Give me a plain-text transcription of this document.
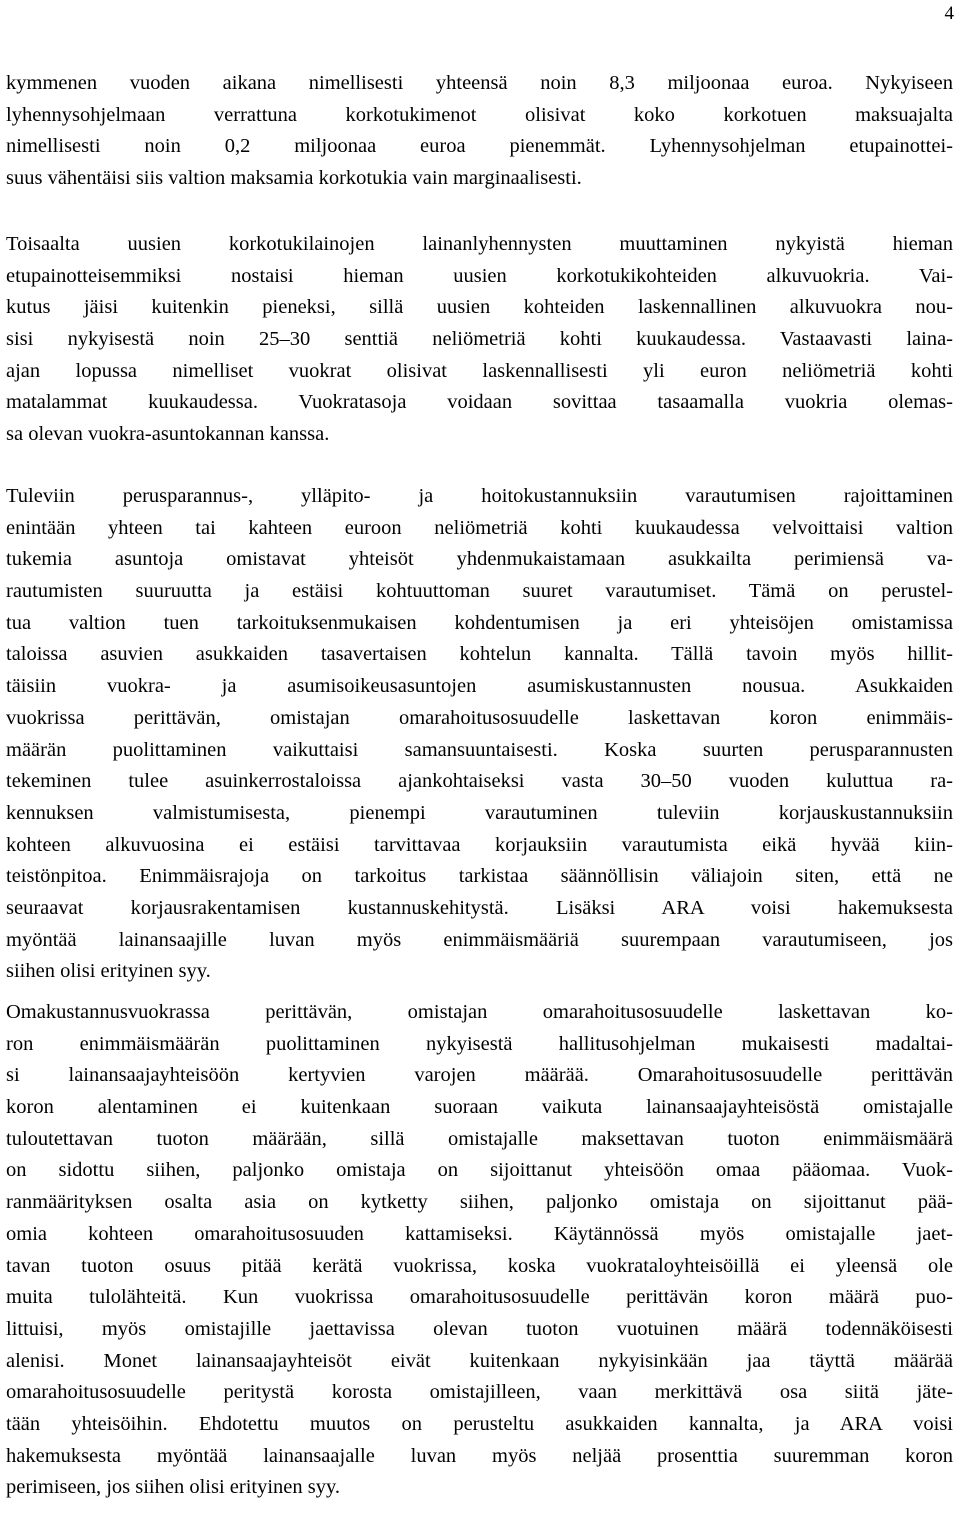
4
kymmenen vuoden aikana nimellisesti yhteensä noin 8,3 miljoonaa euroa. Nykyiseen
lyhennysohjelmaan verrattuna korkotukimenot olisivat koko korkotuen maksuajalta
nimellisesti noin 0,2 miljoonaa euroa pienemmät. Lyhennysohjelman etupainottei-
suus vähentäisi siis valtion maksamia korkotukia vain marginaalisesti.
Toisaalta uusien korkotukilainojen lainanlyhennysten muuttaminen nykyistä hieman
etupainotteisemmiksi nostaisi hieman uusien korkotukikohteiden alkuvuokria. Vai-
kutus jäisi kuitenkin pieneksi, sillä uusien kohteiden laskennallinen alkuvuokra nou-
sisi nykyisestä noin 25–30 senttiä neliömetriä kohti kuukaudessa. Vastaavasti laina-
ajan lopussa nimelliset vuokrat olisivat laskennallisesti yli euron neliömetriä kohti
matalammat kuukaudessa. Vuokratasoja voidaan sovittaa tasaamalla vuokria olemas-
sa olevan vuokra-asuntokannan kanssa.
Tuleviin perusparannus-, ylläpito- ja hoitokustannuksiin varautumisen rajoittaminen
enintään yhteen tai kahteen euroon neliömetriä kohti kuukaudessa velvoittaisi valtion
tukemia asuntoja omistavat yhteisöt yhdenmukaistamaan asukkailta perimiensä va-
rautumisten suuruutta ja estäisi kohtuuttoman suuret varautumiset. Tämä on perustel-
tua valtion tuen tarkoituksenmukaisen kohdentumisen ja eri yhteisöjen omistamissa
taloissa asuvien asukkaiden tasavertaisen kohtelun kannalta. Tällä tavoin myös hillit-
täisiin vuokra- ja asumisoikeusasuntojen asumiskustannusten nousua. Asukkaiden
vuokrissa perittävän, omistajan omarahoitusosuudelle laskettavan koron enimmäis-
määrän puolittaminen vaikuttaisi samansuuntaisesti. Koska suurten perusparannusten
tekeminen tulee asuinkerrostaloissa ajankohtaiseksi vasta 30–50 vuoden kuluttua ra-
kennuksen valmistumisesta, pienempi varautuminen tuleviin korjauskustannuksiin
kohteen alkuvuosina ei estäisi tarvittavaa korjauksiin varautumista eikä hyvää kiin-
teistönpitoa. Enimmäisrajoja on tarkoitus tarkistaa säännöllisin väliajoin siten, että ne
seuraavat korjausrakentamisen kustannuskehitystä. Lisäksi ARA voisi hakemuksesta
myöntää lainansaajille luvan myös enimmäismääriä suurempaan varautumiseen, jos
siihen olisi erityinen syy.
Omakustannusvuokrassa perittävän, omistajan omarahoitusosuudelle laskettavan ko-
ron enimmäismäärän puolittaminen nykyisestä hallitusohjelman mukaisesti madaltai-
si lainansaajayhteisöön kertyvien varojen määrää. Omarahoitusosuudelle perittävän
koron alentaminen ei kuitenkaan suoraan vaikuta lainansaajayhteisöstä omistajalle
tuloutettavan tuoton määrään, sillä omistajalle maksettavan tuoton enimmäismäärä
on sidottu siihen, paljonko omistaja on sijoittanut yhteisöön omaa pääomaa. Vuok-
ranmäärityksen osalta asia on kytketty siihen, paljonko omistaja on sijoittanut pää-
omia kohteen omarahoitusosuuden kattamiseksi. Käytännössä myös omistajalle jaet-
tavan tuoton osuus pitää kerätä vuokrissa, koska vuokrataloyhteisöillä ei yleensä ole
muita tulolähteitä. Kun vuokrissa omarahoitusosuudelle perittävän koron määrä puo-
littuisi, myös omistajille jaettavissa olevan tuoton vuotuinen määrä todennäköisesti
alenisi. Monet lainansaajayhteisöt eivät kuitenkaan nykyisinkään jaa täyttä määrää
omarahoitusosuudelle peritystä korosta omistajilleen, vaan merkittävä osa siitä jäte-
tään yhteisöihin. Ehdotettu muutos on perusteltu asukkaiden kannalta, ja ARA voisi
hakemuksesta myöntää lainansaajalle luvan myös neljää prosenttia suuremman koron
perimiseen, jos siihen olisi erityinen syy.
